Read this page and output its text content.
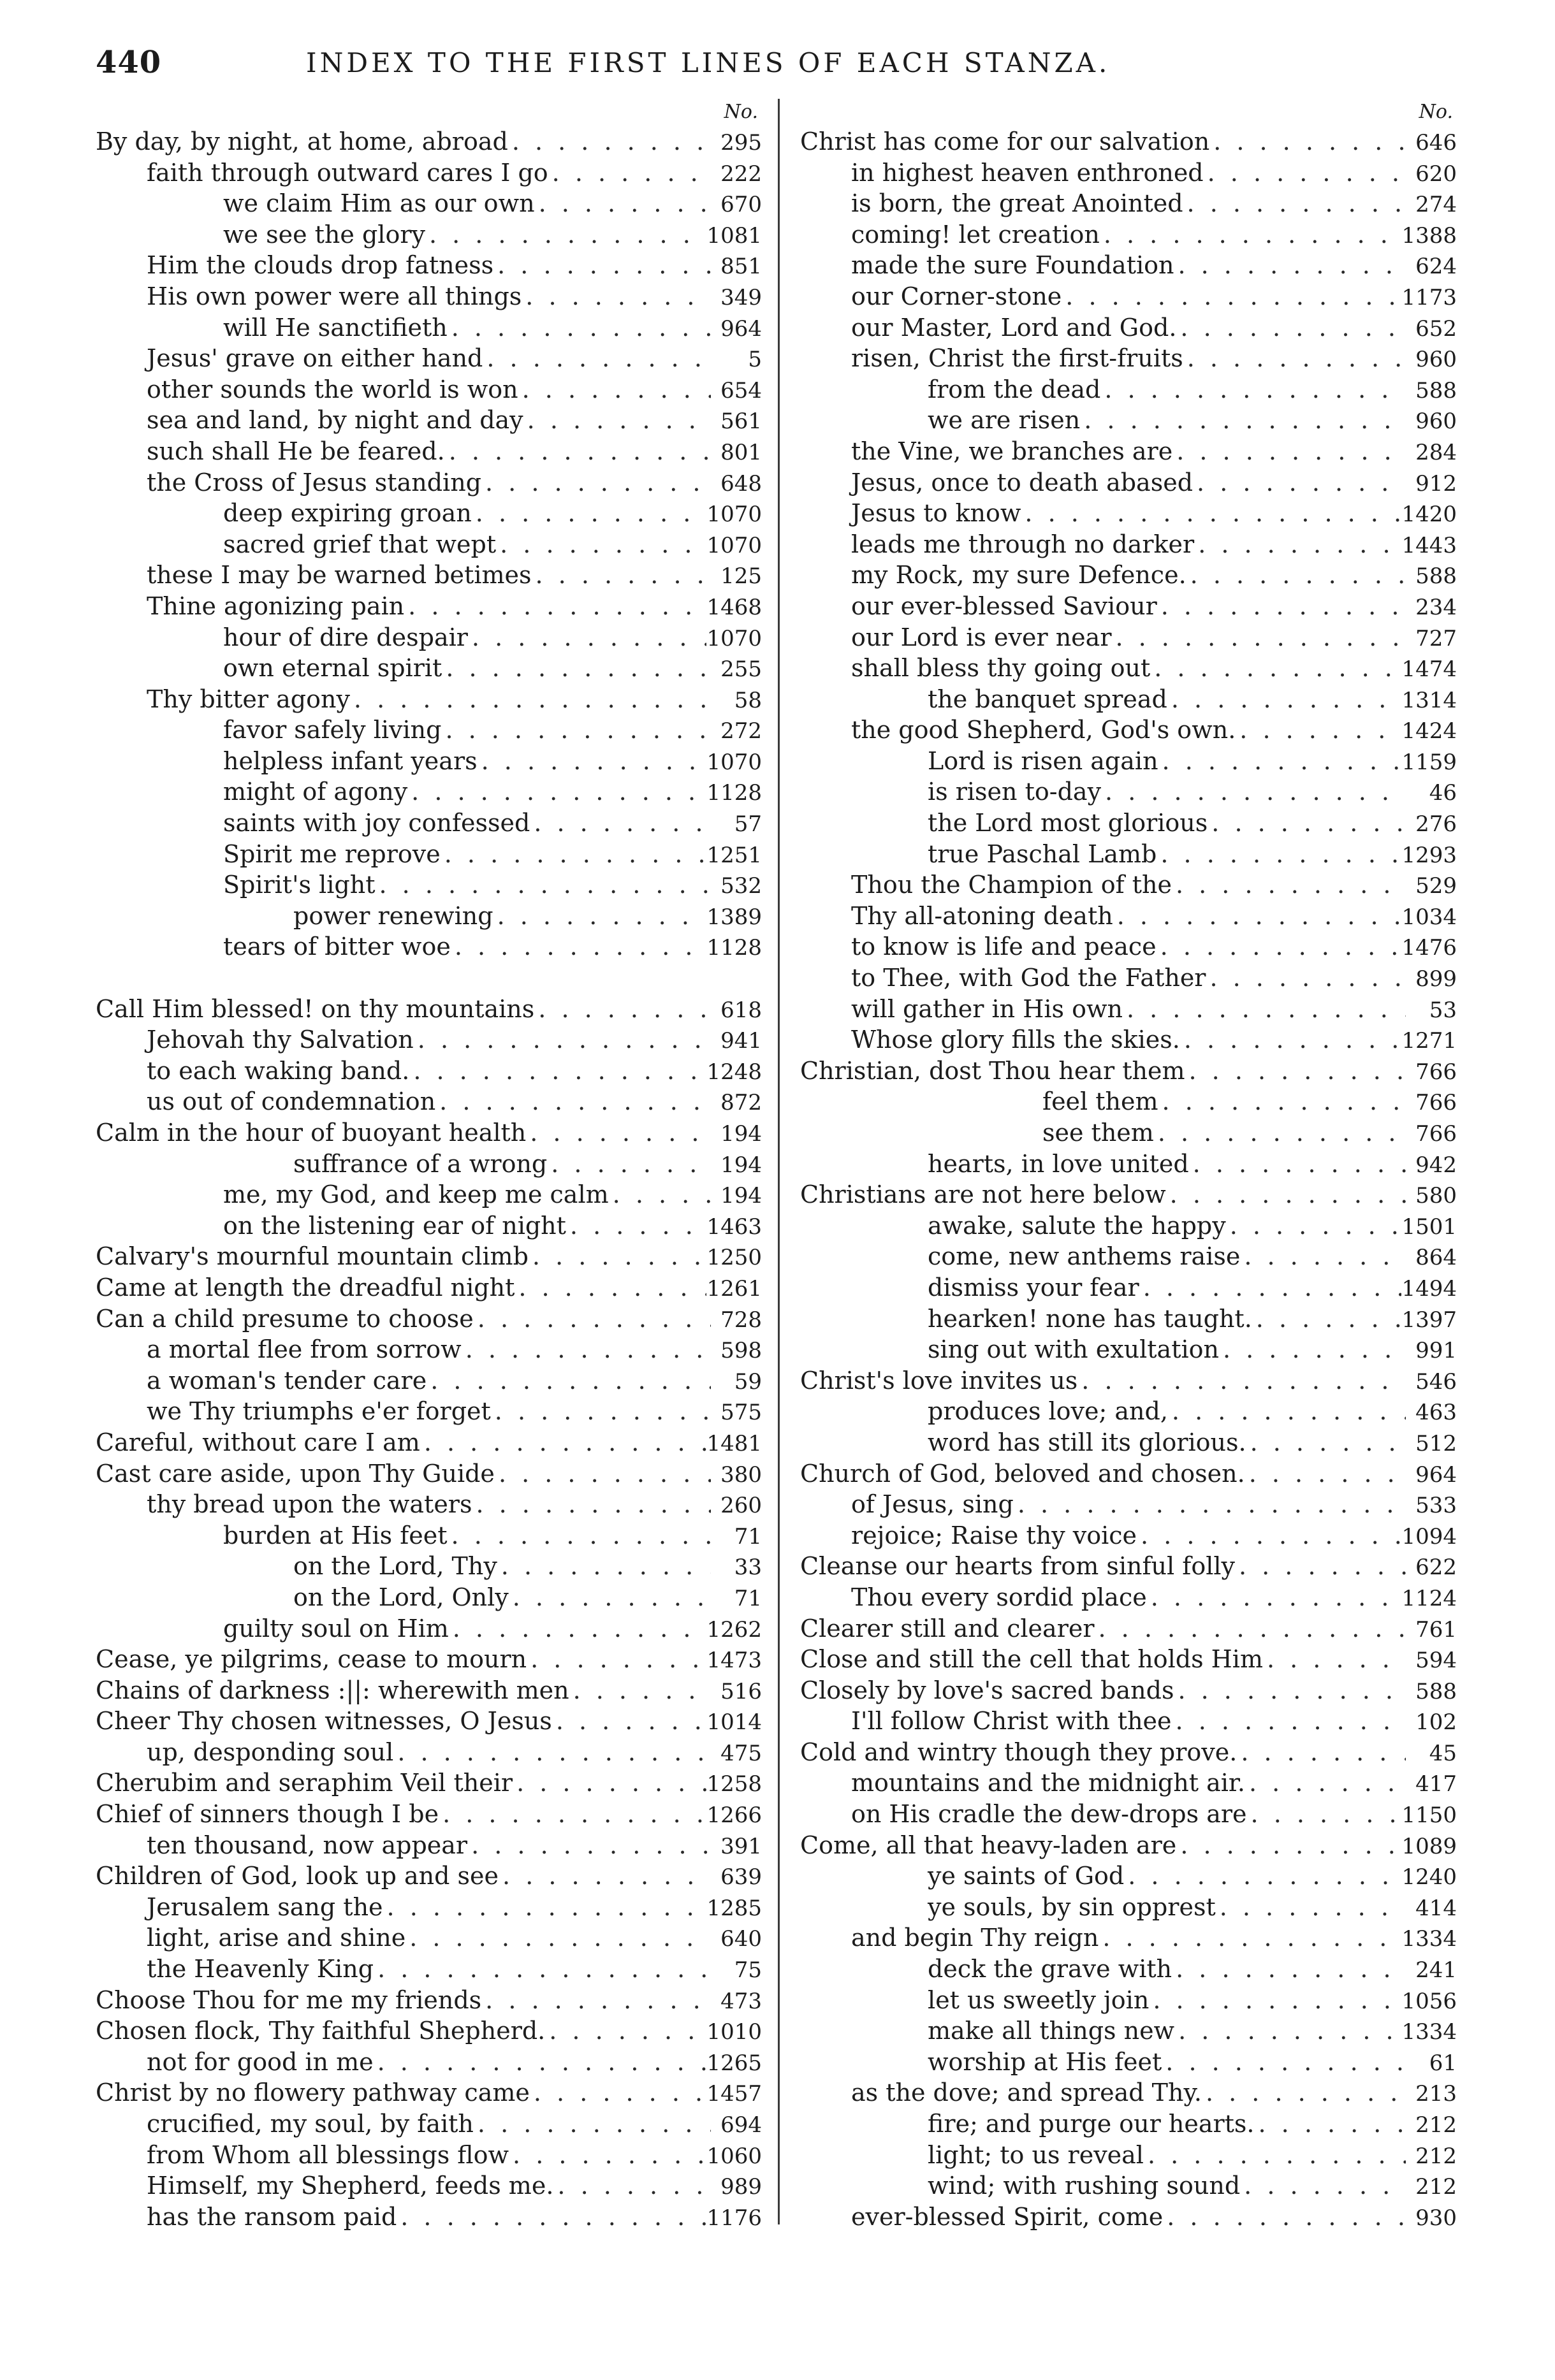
440	INDEX TO THE FIRST LINES OF EACH STANZA.
No.
By day, by night, at home, abroad . . .	295
faith through outward cares I go . . .	222
we claim Him as our own . . .	670
we see the glory . . .	1081
Him the clouds drop fatness . . .	851
His own power were all things . . .	349
will He sanctifieth . . .	964
Jesus' grave on either hand . . .	5
other sounds the world is won . . .	654
sea and land, by night and day . . .	561
such shall He be feared. . . .	801
the Cross of Jesus standing . . .	648
deep expiring groan . . .	1070
sacred grief that wept . . .	1070
these I may be warned betimes . . .	125
Thine agonizing pain . . .	1468
hour of dire despair . . .	1070
own eternal spirit . . .	255
Thy bitter agony . . .	58
favor safely living . . .	272
helpless infant years . . .	1070
might of agony . . .	1128
saints with joy confessed . . .	57
Spirit me reprove . . .	1251
Spirit's light . . .	532
power renewing . . .	1389
tears of bitter woe . . .	1128
Call Him blessed! on thy mountains . . .	618
Jehovah thy Salvation . . .	941
to each waking band. . . .	1248
us out of condemnation . . .	872
Calm in the hour of buoyant health . . .	194
suffrance of a wrong . . .	194
me, my God, and keep me calm . . .	194
on the listening ear of night . . .	1463
Calvary's mournful mountain climb . . .	1250
Came at length the dreadful night . . .	1261
Can a child presume to choose . . .	728
a mortal flee from sorrow . . .	598
a woman's tender care . . .	59
we Thy triumphs e'er forget . . .	575
Careful, without care I am . . .	1481
Cast care aside, upon Thy Guide . . .	380
thy bread upon the waters . . .	260
burden at His feet . . .	71
on the Lord, Thy . . .	33
on the Lord, Only . . .	71
guilty soul on Him . . .	1262
Cease, ye pilgrims, cease to mourn . . .	1473
Chains of darkness :||: wherewith men . . .	516
Cheer Thy chosen witnesses, O Jesus . . .	1014
up, desponding soul . . .	475
Cherubim and seraphim Veil their . . .	1258
Chief of sinners though I be . . .	1266
ten thousand, now appear . . .	391
Children of God, look up and see . . .	639
Jerusalem sang the . . .	1285
light, arise and shine . . .	640
the Heavenly King . . .	75
Choose Thou for me my friends . . .	473
Chosen flock, Thy faithful Shepherd. . . .	1010
not for good in me . . .	1265
Christ by no flowery pathway came . . .	1457
crucified, my soul, by faith . . .	694
from Whom all blessings flow . . .	1060
Himself, my Shepherd, feeds me. . . .	989
has the ransom paid . . .	1176
No.
Christ has come for our salvation . . .	646
in highest heaven enthroned . . .	620
is born, the great Anointed . . .	274
coming! let creation . . .	1388
made the sure Foundation . . .	624
our Corner-stone . . .	1173
our Master, Lord and God. . . .	652
risen, Christ the first-fruits . . .	960
from the dead . . .	588
we are risen . . .	960
the Vine, we branches are . . .	284
Jesus, once to death abased . . .	912
Jesus to know . . .	1420
leads me through no darker . . .	1443
my Rock, my sure Defence. . . .	588
our ever-blessed Saviour . . .	234
our Lord is ever near . . .	727
shall bless thy going out . . .	1474
the banquet spread . . .	1314
the good Shepherd, God's own. . . .	1424
Lord is risen again . . .	1159
is risen to-day . . .	46
the Lord most glorious . . .	276
true Paschal Lamb . . .	1293
Thou the Champion of the . . .	529
Thy all-atoning death . . .	1034
to know is life and peace . . .	1476
to Thee, with God the Father . . .	899
will gather in His own . . .	53
Whose glory fills the skies. . . .	1271
Christian, dost Thou hear them . . .	766
feel them . . .	766
see them . . .	766
hearts, in love united . . .	942
Christians are not here below . . .	580
awake, salute the happy . . .	1501
come, new anthems raise . . .	864
dismiss your fear . . .	1494
hearken! none has taught. . . .	1397
sing out with exultation . . .	991
Christ's love invites us . . .	546
produces love; and, . . .	463
word has still its glorious. . . .	512
Church of God, beloved and chosen. . . .	964
of Jesus, sing . . .	533
rejoice; Raise thy voice . . .	1094
Cleanse our hearts from sinful folly . . .	622
Thou every sordid place . . .	1124
Clearer still and clearer . . .	761
Close and still the cell that holds Him . . .	594
Closely by love's sacred bands . . .	588
I'll follow Christ with thee . . .	102
Cold and wintry though they prove. . . .	45
mountains and the midnight air. . . .	417
on His cradle the dew-drops are . . .	1150
Come, all that heavy-laden are . . .	1089
ye saints of God . . .	1240
ye souls, by sin opprest . . .	414
and begin Thy reign . . .	1334
deck the grave with . . .	241
let us sweetly join . . .	1056
make all things new . . .	1334
worship at His feet . . .	61
as the dove; and spread Thy. . . .	213
fire; and purge our hearts. . . .	212
light; to us reveal . . .	212
wind; with rushing sound . . .	212
ever-blessed Spirit, come . . .	930
